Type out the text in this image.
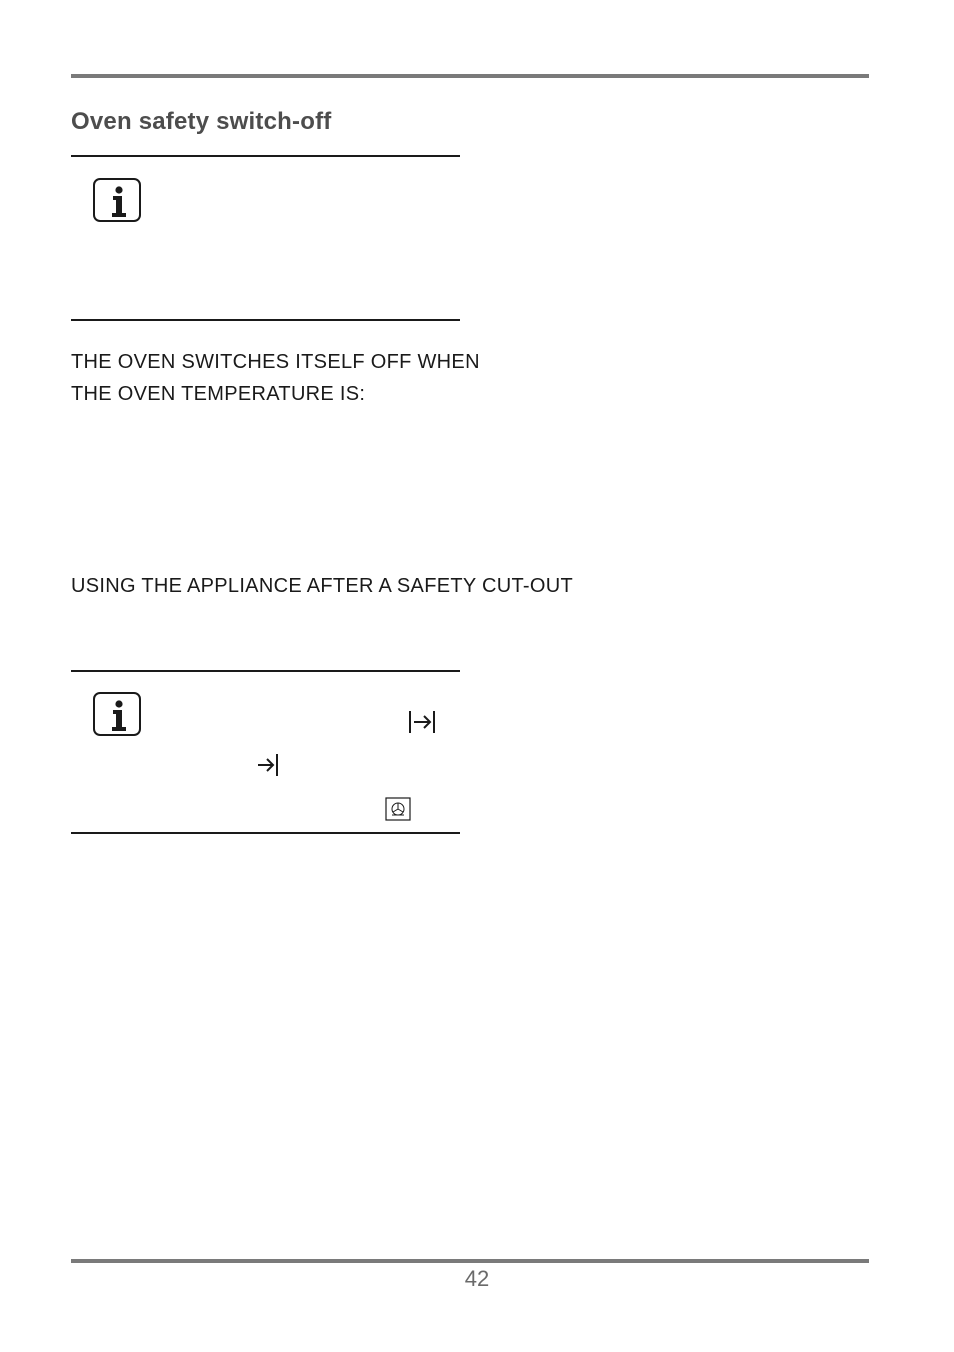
Oven safety switch-off
THE OVEN SWITCHES ITSELF OFF WHEN
THE OVEN TEMPERATURE IS:
USING THE APPLIANCE AFTER A SAFETY CUT-OUT
42
